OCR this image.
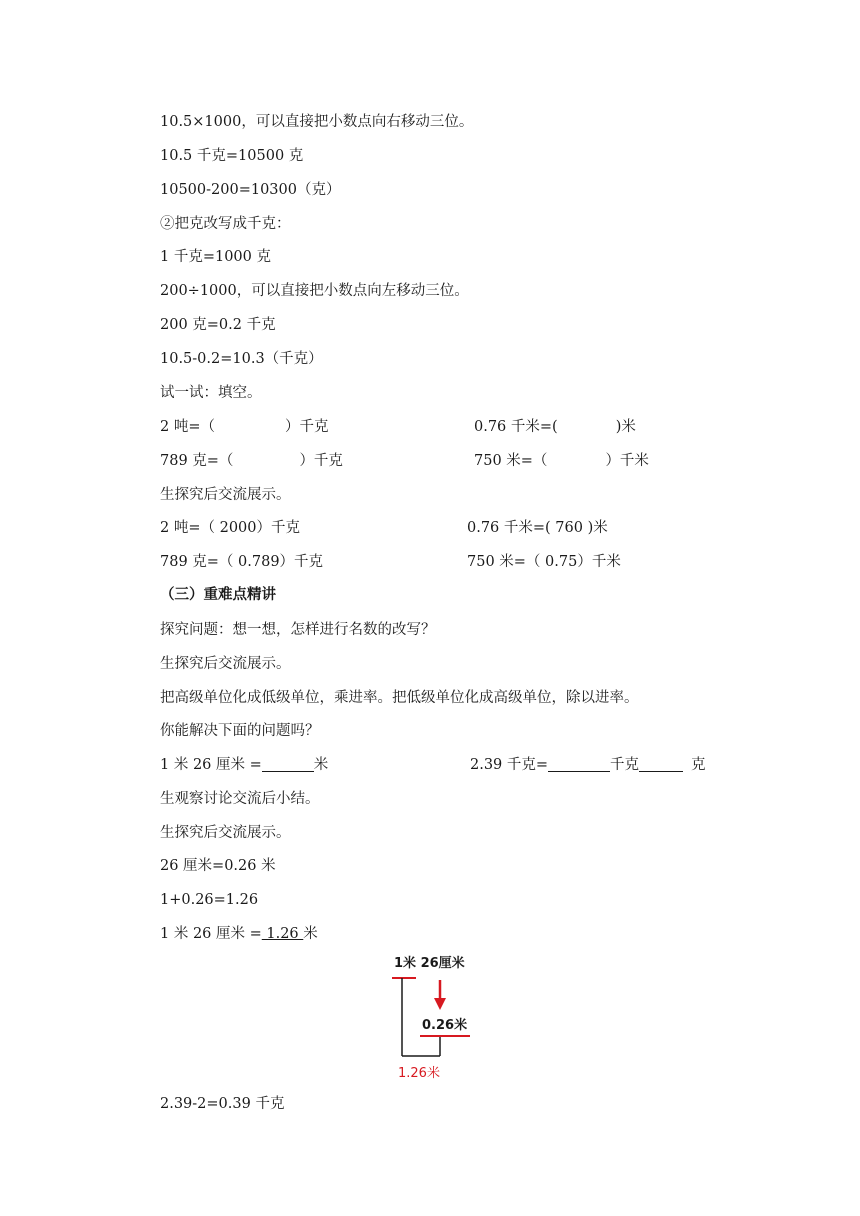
10.5×1000，可以直接把小数点向右移动三位。
10.5 千克=10500 克
10500-200=10300（克）
②把克改写成千克：
1 千克=1000 克
200÷1000，可以直接把小数点向左移动三位。
200 克=0.2 千克
10.5-0.2=10.3（千克）
试一试：填空。
2 吨=（	）千克	0.76 千米=(	)米
789 克=（	）千克	750 米=（	）千米
生探究后交流展示。
2 吨=（ 2000）千克	0.76 千米=( 760 )米
789 克=（ 0.789）千克	750 米=（ 0.75）千米
（三）重难点精讲
探究问题：想一想，怎样进行名数的改写？
生探究后交流展示。
把高级单位化成低级单位，乘进率。把低级单位化成高级单位，除以进率。
你能解决下面的问题吗？
1 米 26 厘米 =	米	2.39 千克=	千克	克
生观察讨论交流后小结。
生探究后交流展示。
26 厘米=0.26 米
1+0.26=1.26
1 米 26 厘米 = 1.26 米
1米 26厘米
0.26米
1.26米
2.39-2=0.39 千克
